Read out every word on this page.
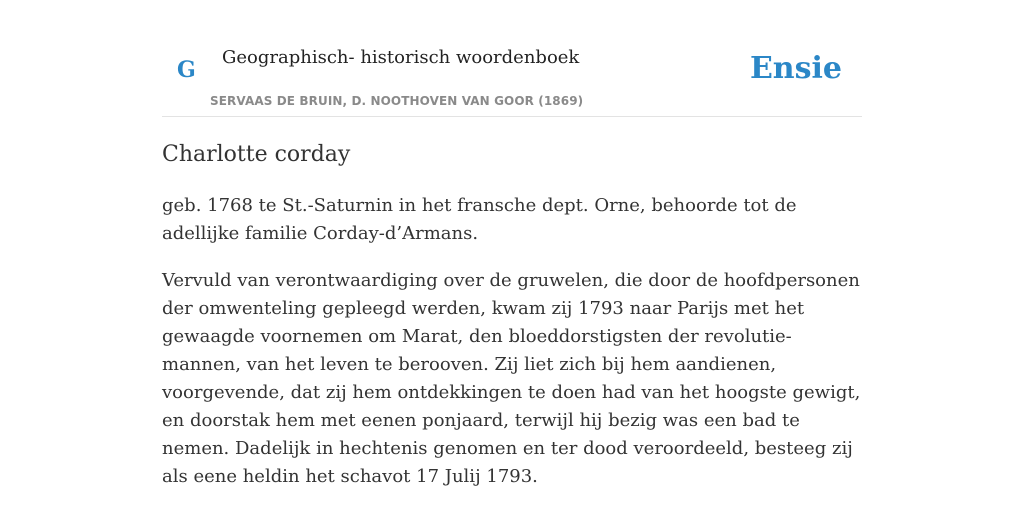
G Geographisch- historisch woordenboek
SERVAAS DE BRUIN, D. NOOTHOVEN VAN GOOR (1869)
Ensie
Charlotte corday

geb. 1768 te St.-Saturnin in het fransche dept. Orne, behoorde tot de adellijke familie Corday-d’Armans.

Vervuld van verontwaardiging over de gruwelen, die door de hoofdpersonen der omwenteling gepleegd werden, kwam zij 1793 naar Parijs met het gewaagde voornemen om Marat, den bloeddorstigsten der revolutie-mannen, van het leven te berooven. Zij liet zich bij hem aandienen, voorgevende, dat zij hem ontdekkingen te doen had van het hoogste gewigt, en doorstak hem met eenen ponjaard, terwijl hij bezig was een bad te nemen. Dadelijk in hechtenis genomen en ter dood veroordeeld, besteeg zij als eene heldin het schavot 17 Julij 1793.
